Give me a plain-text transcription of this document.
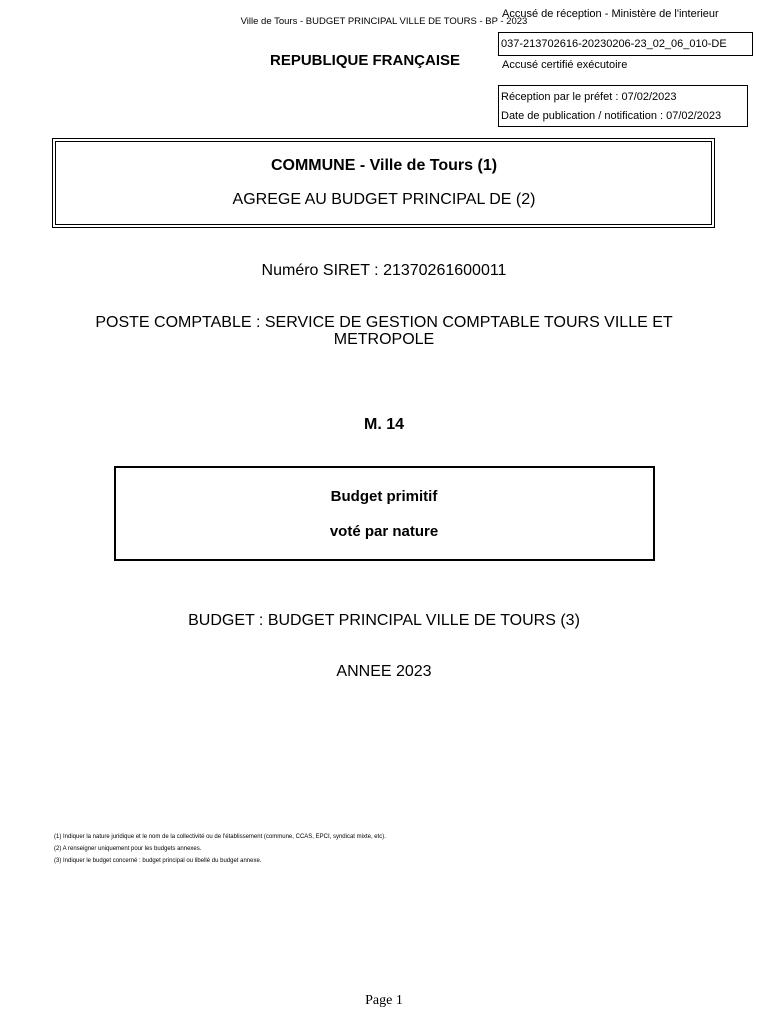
Ville de Tours - BUDGET PRINCIPAL VILLE DE TOURS - BP - 2023
REPUBLIQUE FRANÇAISE
Accusé de réception - Ministère de l'interieur
037-213702616-20230206-23_02_06_010-DE
Accusé certifié exécutoire
Réception par le préfet : 07/02/2023
Date de publication / notification : 07/02/2023
COMMUNE - Ville de Tours (1)
AGREGE AU BUDGET PRINCIPAL DE (2)
Numéro SIRET : 21370261600011
POSTE COMPTABLE : SERVICE DE GESTION COMPTABLE TOURS VILLE ET METROPOLE
M. 14
Budget primitif
voté par nature
BUDGET : BUDGET PRINCIPAL VILLE DE TOURS (3)
ANNEE 2023
(1) Indiquer la nature juridique et le nom de la collectivité ou de l'établissement (commune, CCAS, EPCI, syndicat mixte, etc).
(2) A renseigner uniquement pour les budgets annexes.
(3) Indiquer le budget concerné : budget principal ou libellé du budget annexe.
Page 1
